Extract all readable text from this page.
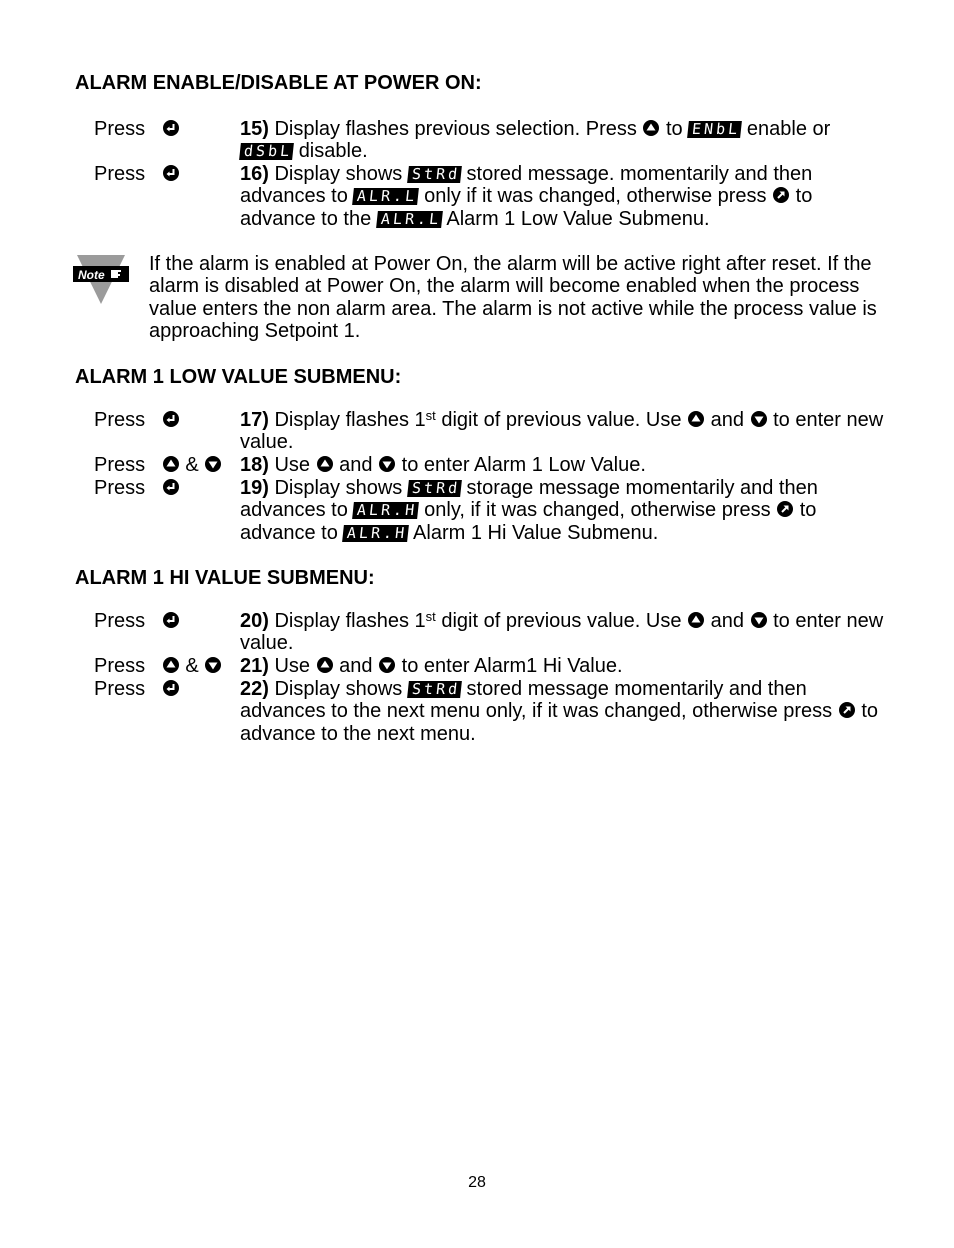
ALARM ENABLE/DISABLE AT POWER ON:
Press	15) Display flashes previous selection. Press to ENbL enable or dSbL disable.
Press	16) Display shows StRd stored message. momentarily and then advances to ALR.L only if it was changed, otherwise press to advance to the ALR.L Alarm 1 Low Value Submenu.
Note If the alarm is enabled at Power On, the alarm will be active right after reset. If the alarm is disabled at Power On, the alarm will become enabled when the process value enters the non alarm area. The alarm is not active while the process value is approaching Setpoint 1.
ALARM 1 LOW VALUE SUBMENU:
Press	17) Display flashes 1st digit of previous value. Use and to enter new value.
Press &	18) Use and to enter Alarm 1 Low Value.
Press	19) Display shows StRd storage message momentarily and then advances to ALR.H only, if it was changed, otherwise press to advance to ALR.H Alarm 1 Hi Value Submenu.
ALARM 1 HI VALUE SUBMENU:
Press	20) Display flashes 1st digit of previous value. Use and to enter new value.
Press &	21) Use and to enter Alarm1 Hi Value.
Press	22) Display shows StRd stored message momentarily and then advances to the next menu only, if it was changed, otherwise press to advance to the next menu.
28
